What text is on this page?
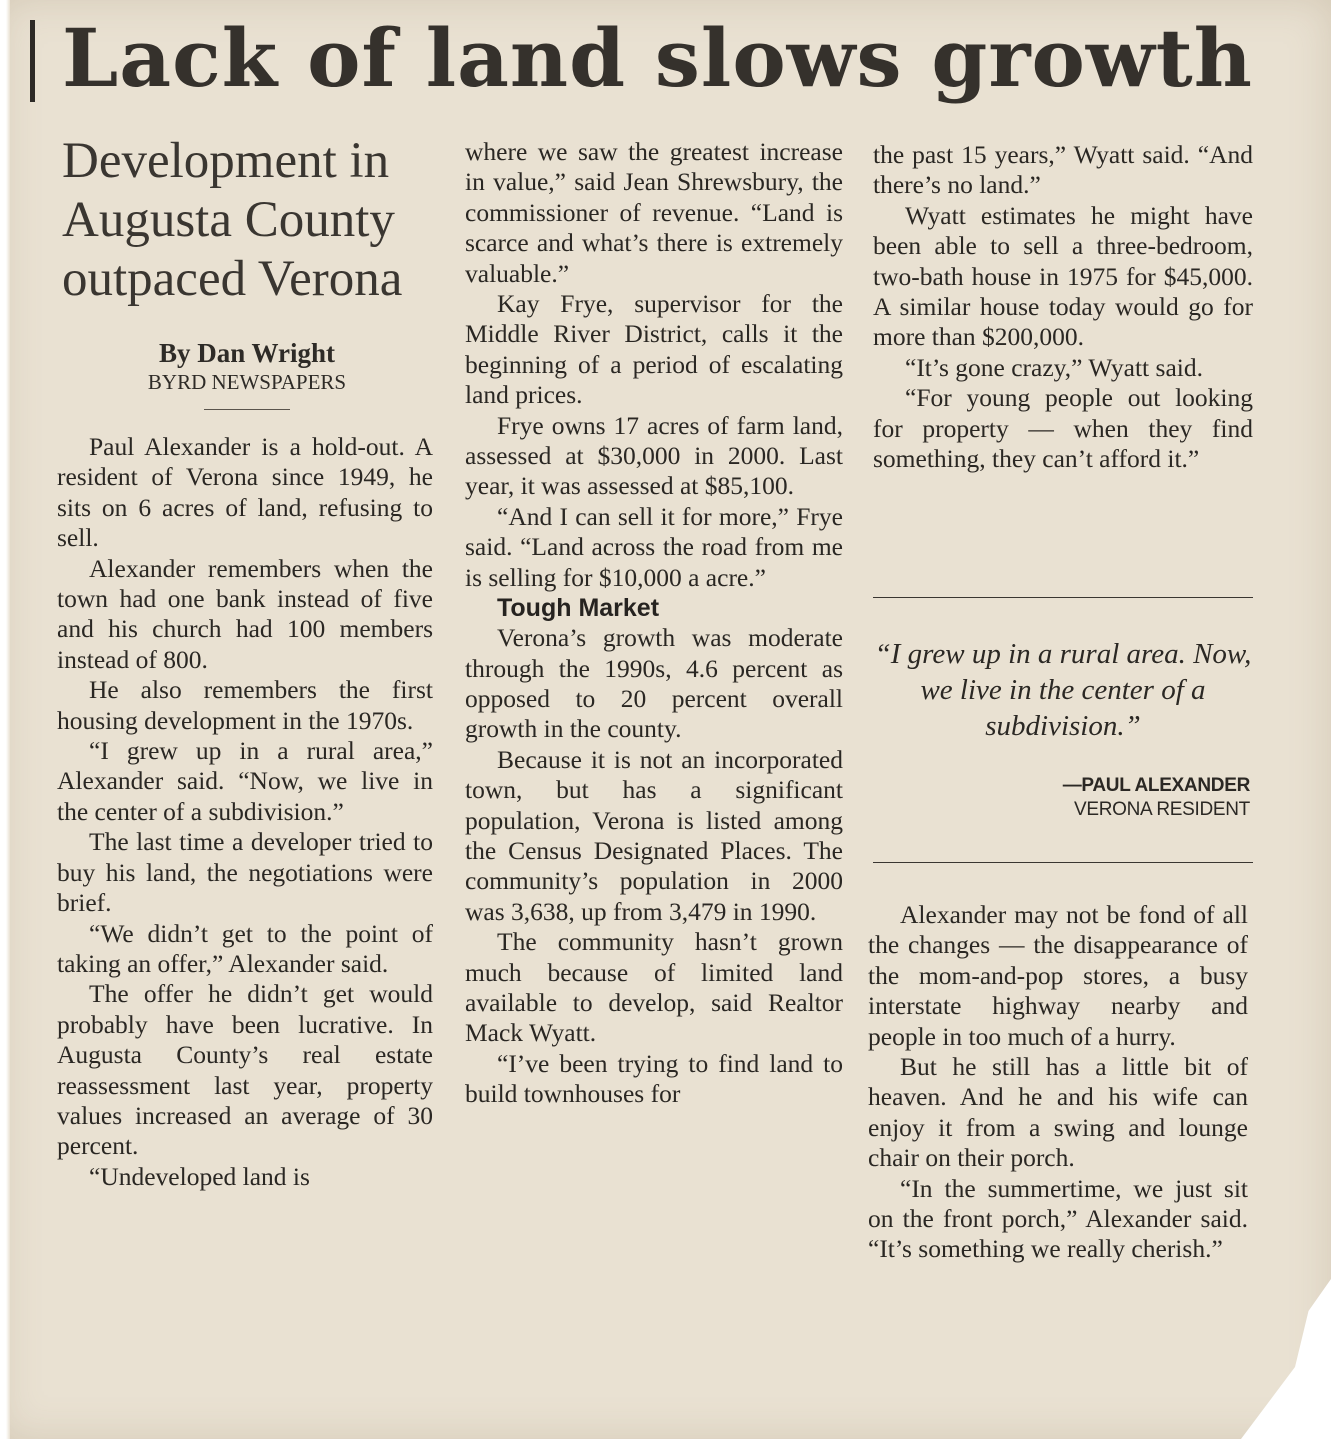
Lack of land slows growth
Development in Augusta County outpaced Verona
By Dan Wright
BYRD NEWSPAPERS

Paul Alexander is a hold-out. A resident of Verona since 1949, he sits on 6 acres of land, refusing to sell.

Alexander remembers when the town had one bank instead of five and his church had 100 members instead of 800.

He also remembers the first housing development in the 1970s.

“I grew up in a rural area,” Alexander said. “Now, we live in the center of a subdivision.”

The last time a developer tried to buy his land, the negotiations were brief.

“We didn’t get to the point of taking an offer,” Alexander said.

The offer he didn’t get would probably have been lucrative. In Augusta County’s real estate reassessment last year, property values increased an average of 30 percent.

“Undeveloped land is

where we saw the greatest increase in value,” said Jean Shrewsbury, the commissioner of revenue. “Land is scarce and what’s there is extremely valuable.”

Kay Frye, supervisor for the Middle River District, calls it the beginning of a period of escalating land prices.

Frye owns 17 acres of farm land, assessed at $30,000 in 2000. Last year, it was assessed at $85,100.

“And I can sell it for more,” Frye said. “Land across the road from me is selling for $10,000 a acre.”

Tough Market

Verona’s growth was moderate through the 1990s, 4.6 percent as opposed to 20 percent overall growth in the county.

Because it is not an incorporated town, but has a significant population, Verona is listed among the Census Designated Places. The community’s population in 2000 was 3,638, up from 3,479 in 1990.

The community hasn’t grown much because of limited land available to develop, said Realtor Mack Wyatt.

“I’ve been trying to find land to build townhouses for

the past 15 years,” Wyatt said. “And there’s no land.”

Wyatt estimates he might have been able to sell a three-bedroom, two-bath house in 1975 for $45,000. A similar house today would go for more than $200,000.

“It’s gone crazy,” Wyatt said.

“For young people out looking for property — when they find something, they can’t afford it.”

“I grew up in a rural area. Now, we live in the center of a subdivision.”
—PAUL ALEXANDER
VERONA RESIDENT

Alexander may not be fond of all the changes — the disappearance of the mom-and-pop stores, a busy interstate highway nearby and people in too much of a hurry.

But he still has a little bit of heaven. And he and his wife can enjoy it from a swing and lounge chair on their porch.

“In the summertime, we just sit on the front porch,” Alexander said. “It’s something we really cherish.”
